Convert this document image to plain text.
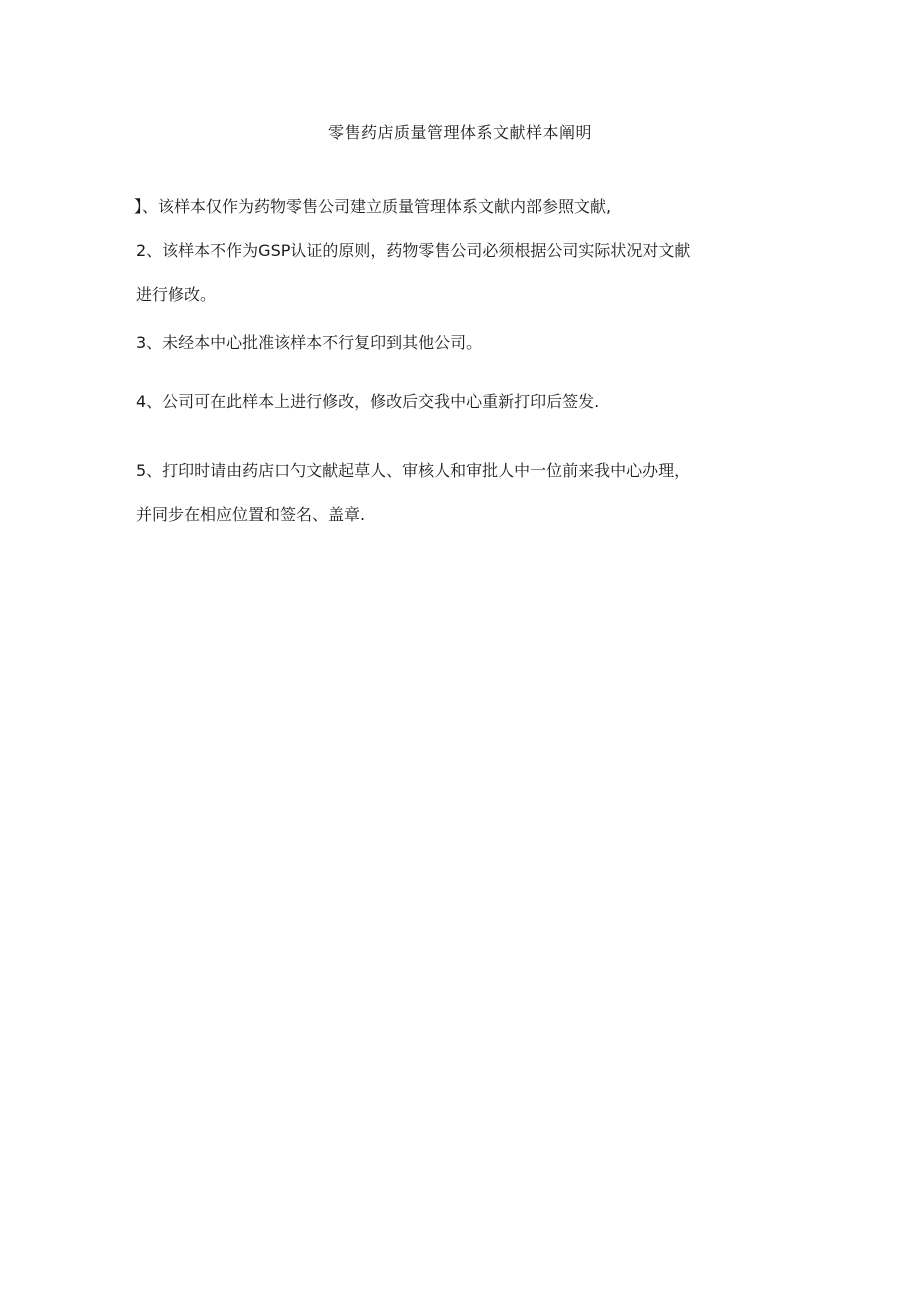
零售药店质量管理体系文献样本阐明
】、该样本仅作为药物零售公司建立质量管理体系文献内部参照文献,
2、该样本不作为GSP认证的原则，药物零售公司必须根据公司实际状况对文献
进行修改。
3、未经本中心批准该样本不行复印到其他公司。
4、公司可在此样本上进行修改，修改后交我中心重新打印后签发.
5、打印时请由药店口勺文献起草人、审核人和审批人中一位前来我中心办理，
并同步在相应位置和签名、盖章.
